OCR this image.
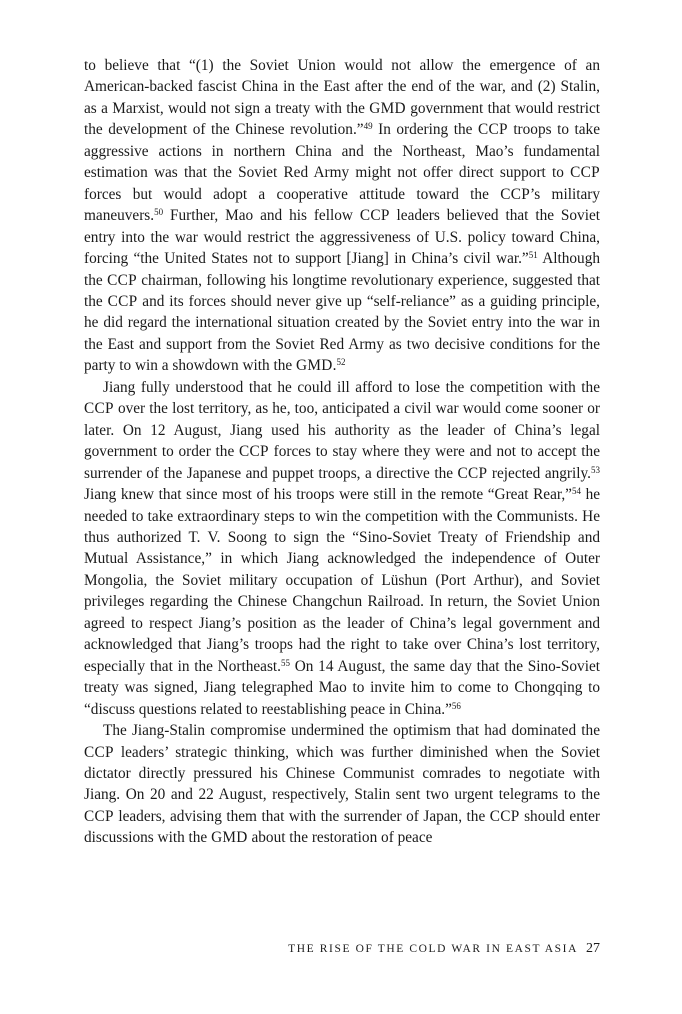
to believe that “(1) the Soviet Union would not allow the emergence of an American-backed fascist China in the East after the end of the war, and (2) Stalin, as a Marxist, would not sign a treaty with the GMD government that would restrict the development of the Chinese revolution.”$^{49}$ In ordering the CCP troops to take aggressive actions in northern China and the Northeast, Mao’s fundamental estimation was that the Soviet Red Army might not offer direct support to CCP forces but would adopt a cooperative attitude toward the CCP’s military maneuvers.$^{50}$ Further, Mao and his fellow CCP leaders believed that the Soviet entry into the war would restrict the aggressiveness of U.S. policy toward China, forcing “the United States not to support [Jiang] in China’s civil war.”$^{51}$ Although the CCP chairman, following his longtime revolutionary experience, suggested that the CCP and its forces should never give up “self-reliance” as a guiding principle, he did regard the international situation created by the Soviet entry into the war in the East and support from the Soviet Red Army as two decisive conditions for the party to win a showdown with the GMD.$^{52}$

Jiang fully understood that he could ill afford to lose the competition with the CCP over the lost territory, as he, too, anticipated a civil war would come sooner or later. On 12 August, Jiang used his authority as the leader of China’s legal government to order the CCP forces to stay where they were and not to accept the surrender of the Japanese and puppet troops, a directive the CCP rejected angrily.$^{53}$ Jiang knew that since most of his troops were still in the remote “Great Rear,”$^{54}$ he needed to take extraordinary steps to win the competition with the Communists. He thus authorized T. V. Soong to sign the “Sino-Soviet Treaty of Friendship and Mutual Assistance,” in which Jiang acknowledged the independence of Outer Mongolia, the Soviet military occupation of Lüshun (Port Arthur), and Soviet privileges regarding the Chinese Changchun Railroad. In return, the Soviet Union agreed to respect Jiang’s position as the leader of China’s legal government and acknowledged that Jiang’s troops had the right to take over China’s lost territory, especially that in the Northeast.$^{55}$ On 14 August, the same day that the Sino-Soviet treaty was signed, Jiang telegraphed Mao to invite him to come to Chongqing to “discuss questions related to reestablishing peace in China.”$^{56}$

The Jiang-Stalin compromise undermined the optimism that had dominated the CCP leaders’ strategic thinking, which was further diminished when the Soviet dictator directly pressured his Chinese Communist comrades to negotiate with Jiang. On 20 and 22 August, respectively, Stalin sent two urgent telegrams to the CCP leaders, advising them that with the surrender of Japan, the CCP should enter discussions with the GMD about the restoration of peace

THE RISE OF THE COLD WAR IN EAST ASIA 27
